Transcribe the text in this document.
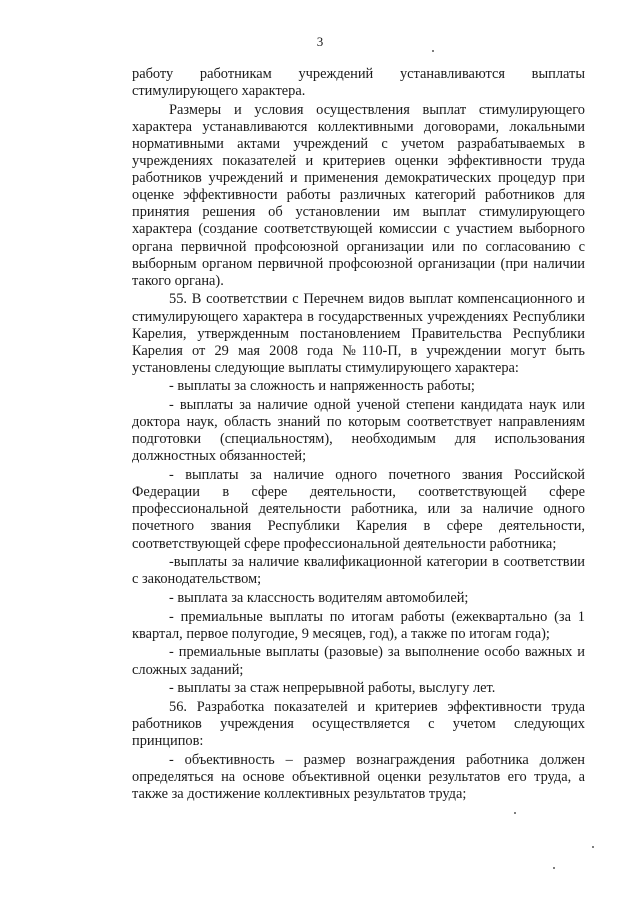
3

работу работникам учреждений устанавливаются выплаты стимулирующего характера.

Размеры и условия осуществления выплат стимулирующего характера устанавливаются коллективными договорами, локальными нормативными актами учреждений с учетом разрабатываемых в учреждениях показателей и критериев оценки эффективности труда работников учреждений и применения демократических процедур при оценке эффективности работы различных категорий работников для принятия решения об установлении им выплат стимулирующего характера (создание соответствующей комиссии с участием выборного органа первичной профсоюзной организации или по согласованию с выборным органом первичной профсоюзной организации (при наличии такого органа).

55. В соответствии с Перечнем видов выплат компенсационного и стимулирующего характера в государственных учреждениях Республики Карелия, утвержденным постановлением Правительства Республики Карелия от 29 мая 2008 года №110-П, в учреждении могут быть установлены следующие выплаты стимулирующего характера:

- выплаты за сложность и напряженность работы;

- выплаты за наличие одной ученой степени кандидата наук или доктора наук, область знаний по которым соответствует направлениям подготовки (специальностям), необходимым для использования должностных обязанностей;

- выплаты за наличие одного почетного звания Российской Федерации в сфере деятельности, соответствующей сфере профессиональной деятельности работника, или за наличие одного почетного звания Республики Карелия в сфере деятельности, соответствующей сфере профессиональной деятельности работника;

-выплаты за наличие квалификационной категории в соответствии с законодательством;

- выплата за классность водителям автомобилей;

- премиальные выплаты по итогам работы (ежеквартально (за 1 квартал, первое полугодие, 9 месяцев, год), а также по итогам года);

- премиальные выплаты (разовые) за выполнение особо важных и сложных заданий;

- выплаты за стаж непрерывной работы, выслугу лет.

56. Разработка показателей и критериев эффективности труда работников учреждения осуществляется с учетом следующих принципов:

- объективность – размер вознаграждения работника должен определяться на основе объективной оценки результатов его труда, а также за достижение коллективных результатов труда;
